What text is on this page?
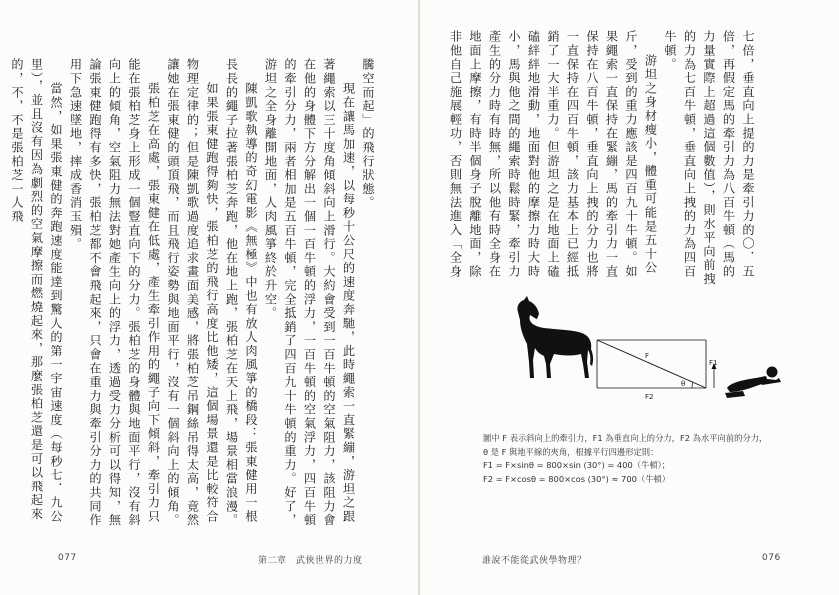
騰空而起」的飛行狀態。

現在讓馬加速，以每秒十公尺的速度奔馳，此時繩索一直緊繃，游坦之跟著繩索以三十度角傾斜向上滑行。大約會受到一百牛頓的空氣阻力，該阻力會在他的身體下方分解出一個一百牛頓的浮力，一百牛頓的空氣浮力，四百牛頓的牽引分力，兩者相加是五百牛頓，完全抵銷了四百九十牛頓的重力。好了，游坦之全身離開地面，人肉風箏終於升空。

陳凱歌執導的奇幻電影《無極》中也有放人肉風箏的橋段：張東健用一根長長的繩子拉著張柏芝奔跑，他在地上跑，張柏芝在天上飛，場景相當浪漫。

如果張東健跑得夠快，張柏芝的飛行高度比他矮，這個場景還是比較符合物理定律的；但是陳凱歌過度追求畫面美感，將張柏芝吊鋼絲吊得太高，竟然讓她在張東健的頭頂飛，而且飛行姿勢與地面平行，沒有一個斜向上的傾角。

張柏芝在高處，張東健在低處，產生牽引作用的繩子向下傾斜，牽引力只能在張柏芝身上形成一個豎直向下的分力。張柏芝的身體與地面平行，沒有斜向上的傾角，空氣阻力無法對她產生向上的浮力，透過受力分析可以得知，無論張東健跑得有多快，張柏芝都不會飛起來，只會在重力與牽引分力的共同作用下急速墜地，摔成香消玉殞。

當然，如果張東健的奔跑速度能達到驚人的第一宇宙速度（每秒七．九公里），並且沒有因為劇烈的空氣摩擦而燃燒起來，那麼張柏芝還是可以飛起來的，不，不是張柏芝一人飛

077	第二章　武俠世界的力度

七倍，垂直向上提的力是牽引力的〇．五倍，再假定馬的牽引力為八百牛頓（馬的力量實際上超過這個數值），則水平向前拽的力為七百牛頓，垂直向上拽的力為四百牛頓。

游坦之身材瘦小，體重可能是五十公斤，受到的重力應該是四百九十牛頓。如果繩索一直保持在緊繃，馬的牽引力一直保持在八百牛頓，垂直向上拽的分力也將一直保持在四百牛頓，該力基本上已經抵銷了一大半重力。但游坦之是在地面上磕磕絆絆地滑動，地面對他的摩擦力時大時小，馬與他之間的繩索時鬆時緊，牽引力產生的分力時有時無，所以他有時全身在地面上摩擦，有時半個身子脫離地面，除非他自己施展輕功，否則無法進入「全身

誰說不能從武俠學物理？	076
F
F1
F2
θ
圖中 F 表示斜向上的牽引力，F1 為垂直向上的分力，F2 為水平向前的分力，
θ 是 F 與地平線的夾角，根據平行四邊形定則：
F1 = F×sinθ = 800×sin (30°) = 400（牛頓）；
F2 = F×cosθ = 800×cos (30°) ≈ 700（牛頓）
